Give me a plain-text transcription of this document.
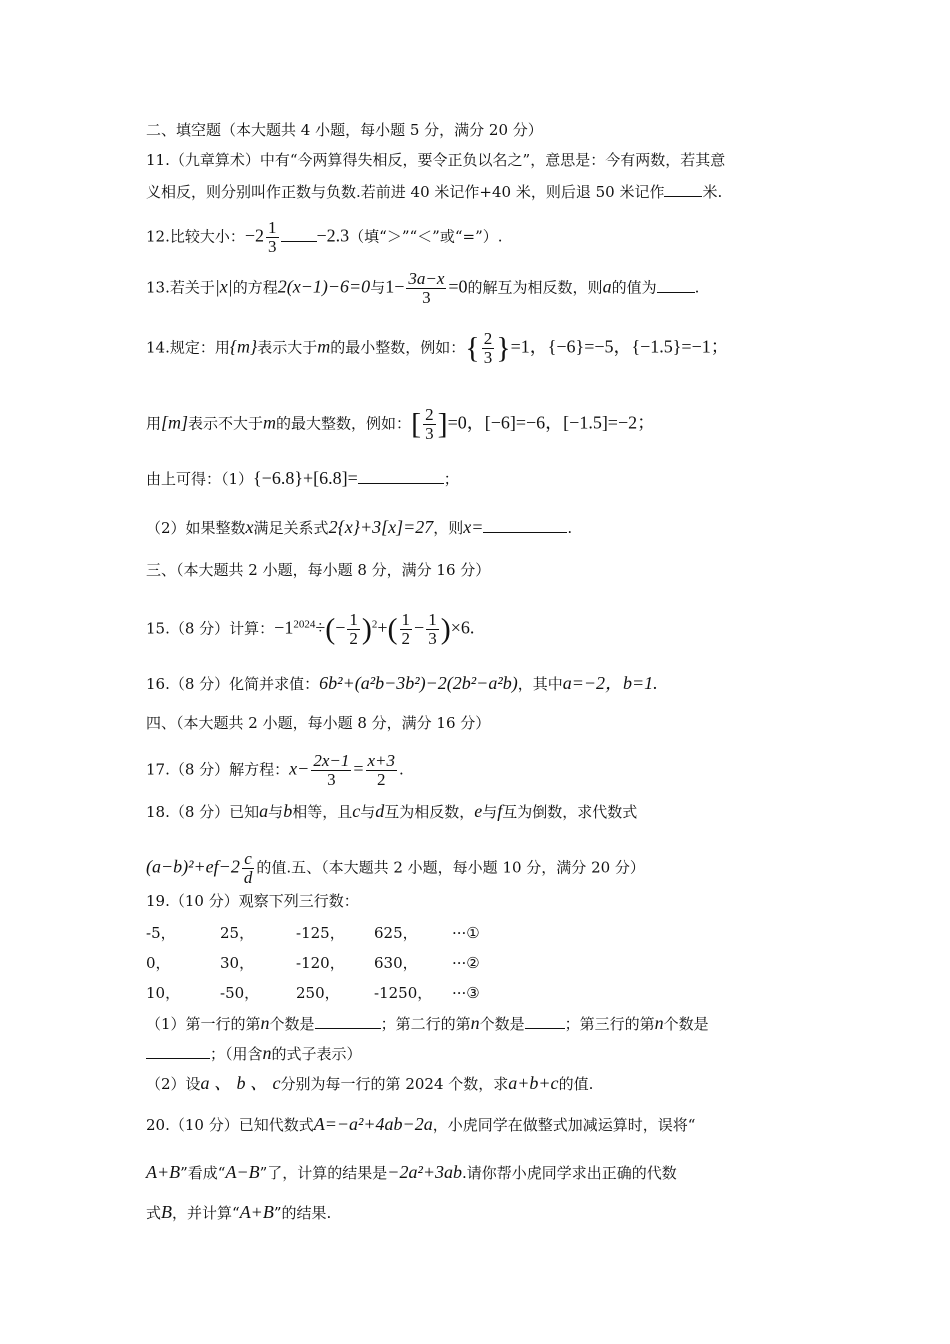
二、填空题（本大题共 4 小题，每小题 5 分，满分 20 分）
11.（九章算术）中有“今两算得失相反，要令正负以名之”，意思是：今有两数，若其意
义相反，则分别叫作正数与负数.若前进 40 米记作+40 米，则后退 50 米记作	米.
12.比较大小：$-2 \frac{1}{3} -2.3$（填“＞”“＜”或“=”）.
13.若关于|x|的方程2(x−1)−6=0与$1- \frac{3a-x}{3} =0$的解互为相反数，则a的值为	.
14.规定：用{m}表示大于m的最小整数，例如：{ $\frac{2}{3} \}=1$，{−6}=−5，{−1.5}=−1；
用[m]表示不大于m的最大整数，例如：[ $\frac{2}{3} ]=0$，[−6]=−6，[−1.5]=−2；
由上可得：（1）{−6.8}+[6.8]=	；
（2）如果整数x满足关系式2{x}+3[x]=27，则x=	.
三、（本大题共 2 小题，每小题 8 分，满分 16 分）
15.（8 分）计算：$-1^{2024}\div(- \frac{1}{2} )^2+( \frac{1}{2} - \frac{1}{3} )\times 6$.
16.（8 分）化简并求值：6b²+(a²b−3b²)−2(2b²−a²b)，其中a=−2，b=1.
四、（本大题共 2 小题，每小题 8 分，满分 16 分）
17.（8 分）解方程：$x- \frac{2x-1}{3} = \frac{x+3}{2}$ .
18.（8 分）已知a与b相等，且c与d互为相反数，e与f互为倒数，求代数式
$(a-b)^2+ef-2 \frac{c}{d}$ 的值.五、（本大题共 2 小题，每小题 10 分，满分 20 分）
19.（10 分）观察下列三行数：
-5，	25，	-125， 625， ···①
0，	30，	-120， 630， ···②
10，	-50， 250， -1250， ···③
（1）第一行的第n个数是	；第二行的第n个数是	；第三行的第n个数是
；（用含n的式子表示）
（2）设a 、 b 、 c分别为每一行的第 2024 个数，求a+b+c的值.
20.（10 分）已知代数式A=−a²+4ab−2a，小虎同学在做整式加减运算时，误将“
A+B”看成“A−B”了，计算的结果是−2a²+3ab.请你帮小虎同学求出正确的代数
式B，并计算“A+B”的结果.
